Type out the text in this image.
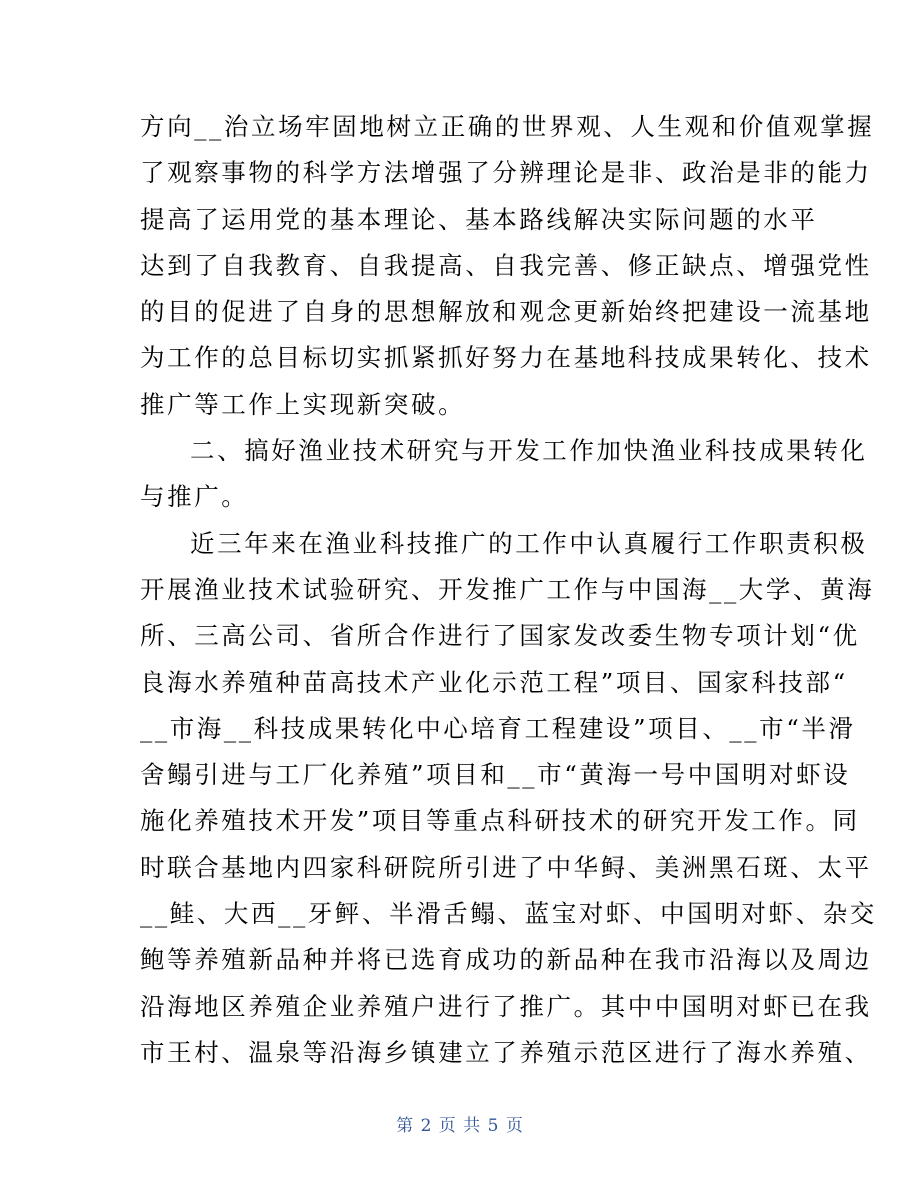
方向__治立场牢固地树立正确的世界观、人生观和价值观掌握
了观察事物的科学方法增强了分辨理论是非、政治是非的能力
提高了运用党的基本理论、基本路线解决实际问题的水平
达到了自我教育、自我提高、自我完善、修正缺点、增强党性
的目的促进了自身的思想解放和观念更新始终把建设一流基地
为工作的总目标切实抓紧抓好努力在基地科技成果转化、技术
推广等工作上实现新突破。
二、搞好渔业技术研究与开发工作加快渔业科技成果转化
与推广。
近三年来在渔业科技推广的工作中认真履行工作职责积极
开展渔业技术试验研究、开发推广工作与中国海__大学、黄海
所、三高公司、省所合作进行了国家发改委生物专项计划“优
良海水养殖种苗高技术产业化示范工程”项目、国家科技部“
__市海__科技成果转化中心培育工程建设”项目、__市“半滑
舍鳎引进与工厂化养殖”项目和__市“黄海一号中国明对虾设
施化养殖技术开发”项目等重点科研技术的研究开发工作。同
时联合基地内四家科研院所引进了中华鲟、美洲黑石斑、太平
__鲑、大西__牙鲆、半滑舌鳎、蓝宝对虾、中国明对虾、杂交
鲍等养殖新品种并将已选育成功的新品种在我市沿海以及周边
沿海地区养殖企业养殖户进行了推广。其中中国明对虾已在我
市王村、温泉等沿海乡镇建立了养殖示范区进行了海水养殖、
第 2 页 共 5 页
